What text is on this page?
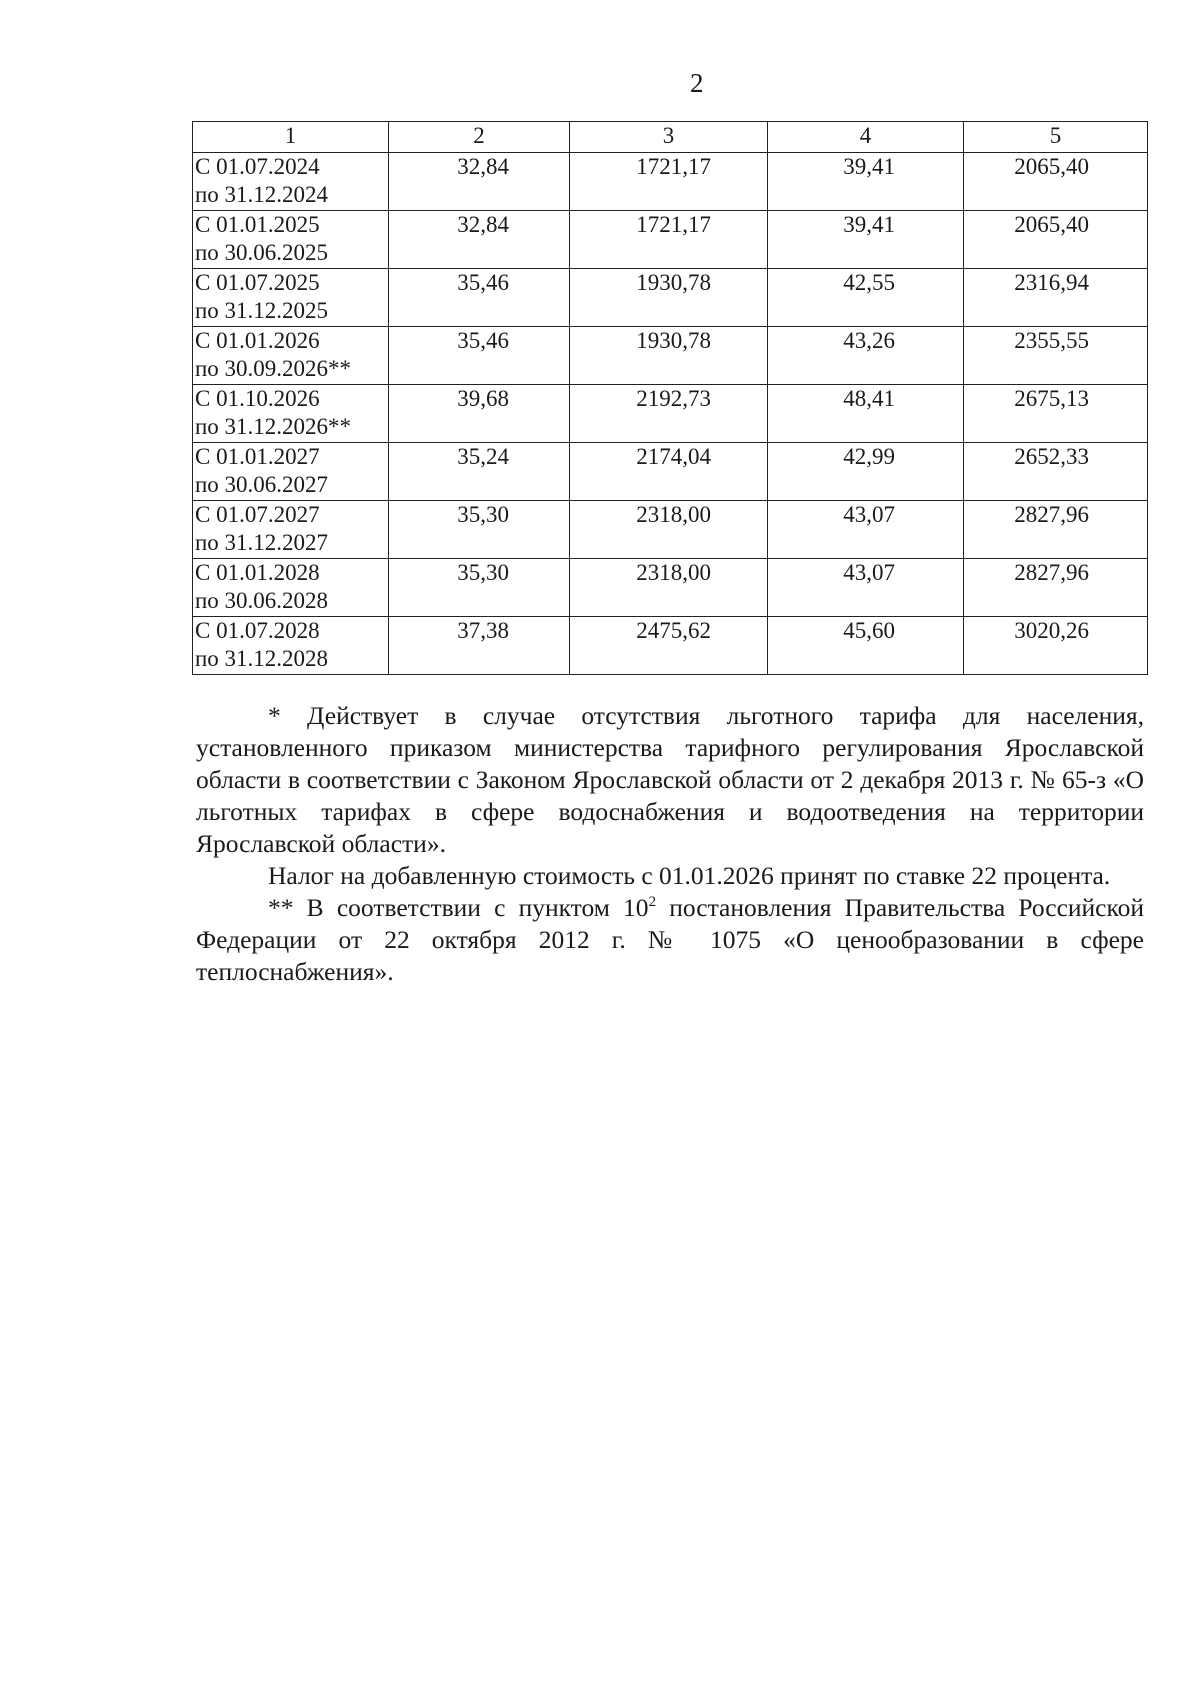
2
1	2	3	4	5

С 01.07.2024
по 31.12.2024	32,84	1721,17	39,41	2065,40

С 01.01.2025
по 30.06.2025	32,84	1721,17	39,41	2065,40

С 01.07.2025
по 31.12.2025	35,46	1930,78	42,55	2316,94

С 01.01.2026
по 30.09.2026**	35,46	1930,78	43,26	2355,55

С 01.10.2026
по 31.12.2026**	39,68	2192,73	48,41	2675,13

С 01.01.2027
по 30.06.2027	35,24	2174,04	42,99	2652,33

С 01.07.2027
по 31.12.2027	35,30	2318,00	43,07	2827,96

С 01.01.2028
по 30.06.2028	35,30	2318,00	43,07	2827,96

С 01.07.2028
по 31.12.2028	37,38	2475,62	45,60	3020,26

* Действует в случае отсутствия льготного тарифа для населения, установленного приказом министерства тарифного регулирования Ярославской области в соответствии с Законом Ярославской области от 2 декабря 2013 г. № 65-з «О льготных тарифах в сфере водоснабжения и водоотведения на территории Ярославской области».

Налог на добавленную стоимость с 01.01.2026 принят по ставке 22 процента.

** В соответствии с пунктом $10^2$ постановления Правительства Российской Федерации от 22 октября 2012 г. № 1075 «О ценообразовании в сфере теплоснабжения».
